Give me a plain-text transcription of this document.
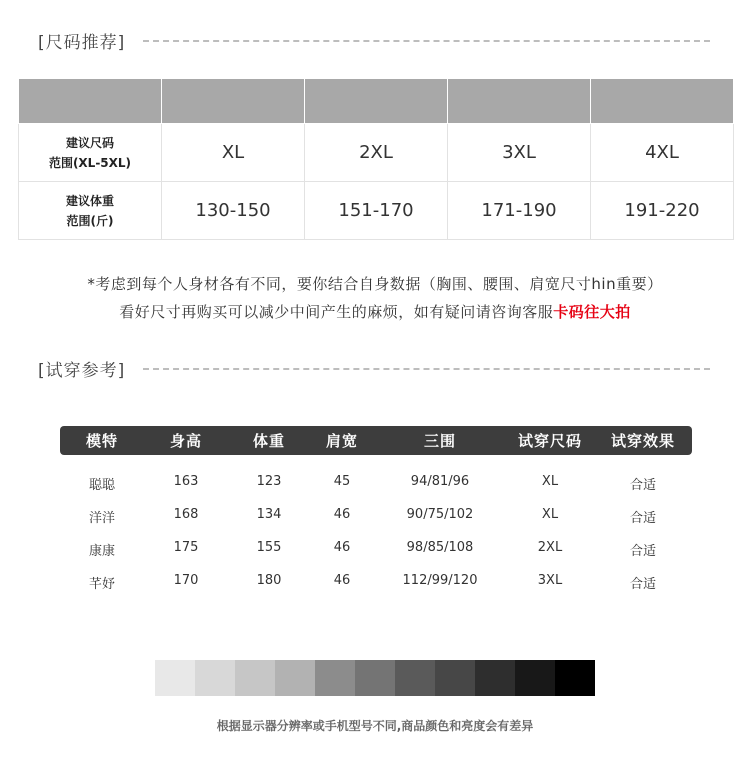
[尺码推荐]

建议尺码
范围(XL-5XL)	XL	2XL	3XL	4XL

建议体重
范围(斤)	130-150	151-170	171-190	191-220
*考虑到每个人身材各有不同，要你结合自身数据（胸围、腰围、肩宽尺寸hin重要）
看好尺寸再购买可以减少中间产生的麻烦，如有疑问请咨询客服卡码往大拍
[试穿参考]
模特	身高	体重	肩宽	三围	试穿尺码	试穿效果
聪聪	163	123	45	94/81/96	XL	合适
洋洋	168	134	46	90/75/102	XL	合适
康康	175	155	46	98/85/108	2XL	合适
芊妤	170	180	46	112/99/120	3XL	合适
根据显示器分辨率或手机型号不同,商品颜色和亮度会有差异
